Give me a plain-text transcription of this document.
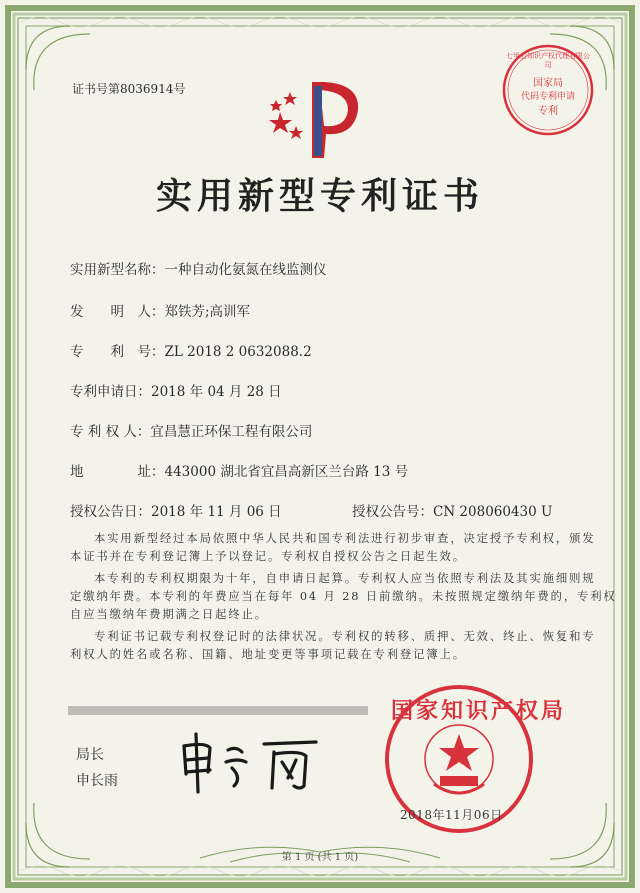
证书号第8036914号
七甲公知识产权代理有限公司
国家局
代码专利申请
专利
实用新型专利证书
实用新型名称：一种自动化氨氮在线监测仪
发　　明　人：郑铁芳;高训军
专　　利　号：ZL 2018 2 0632088.2
专利申请日：2018 年 04 月 28 日
专 利 权 人：宜昌慧正环保工程有限公司
地　　　　址：443000 湖北省宜昌高新区兰台路 13 号
授权公告日：2018 年 11 月 06 日	授权公告号：CN 208060430 U
本实用新型经过本局依照中华人民共和国专利法进行初步审查，决定授予专利权，颁发
本证书并在专利登记簿上予以登记。专利权自授权公告之日起生效。
本专利的专利权期限为十年，自申请日起算。专利权人应当依照专利法及其实施细则规
定缴纳年费。本专利的年费应当在每年 04 月 28 日前缴纳。未按照规定缴纳年费的，专利权
自应当缴纳年费期满之日起终止。
专利证书记载专利权登记时的法律状况。专利权的转移、质押、无效、终止、恢复和专
利权人的姓名或名称、国籍、地址变更等事项记载在专利登记簿上。
局长
申长雨
国家知识产权局
2018年11月06日
第 1 页 (共 1 页)
